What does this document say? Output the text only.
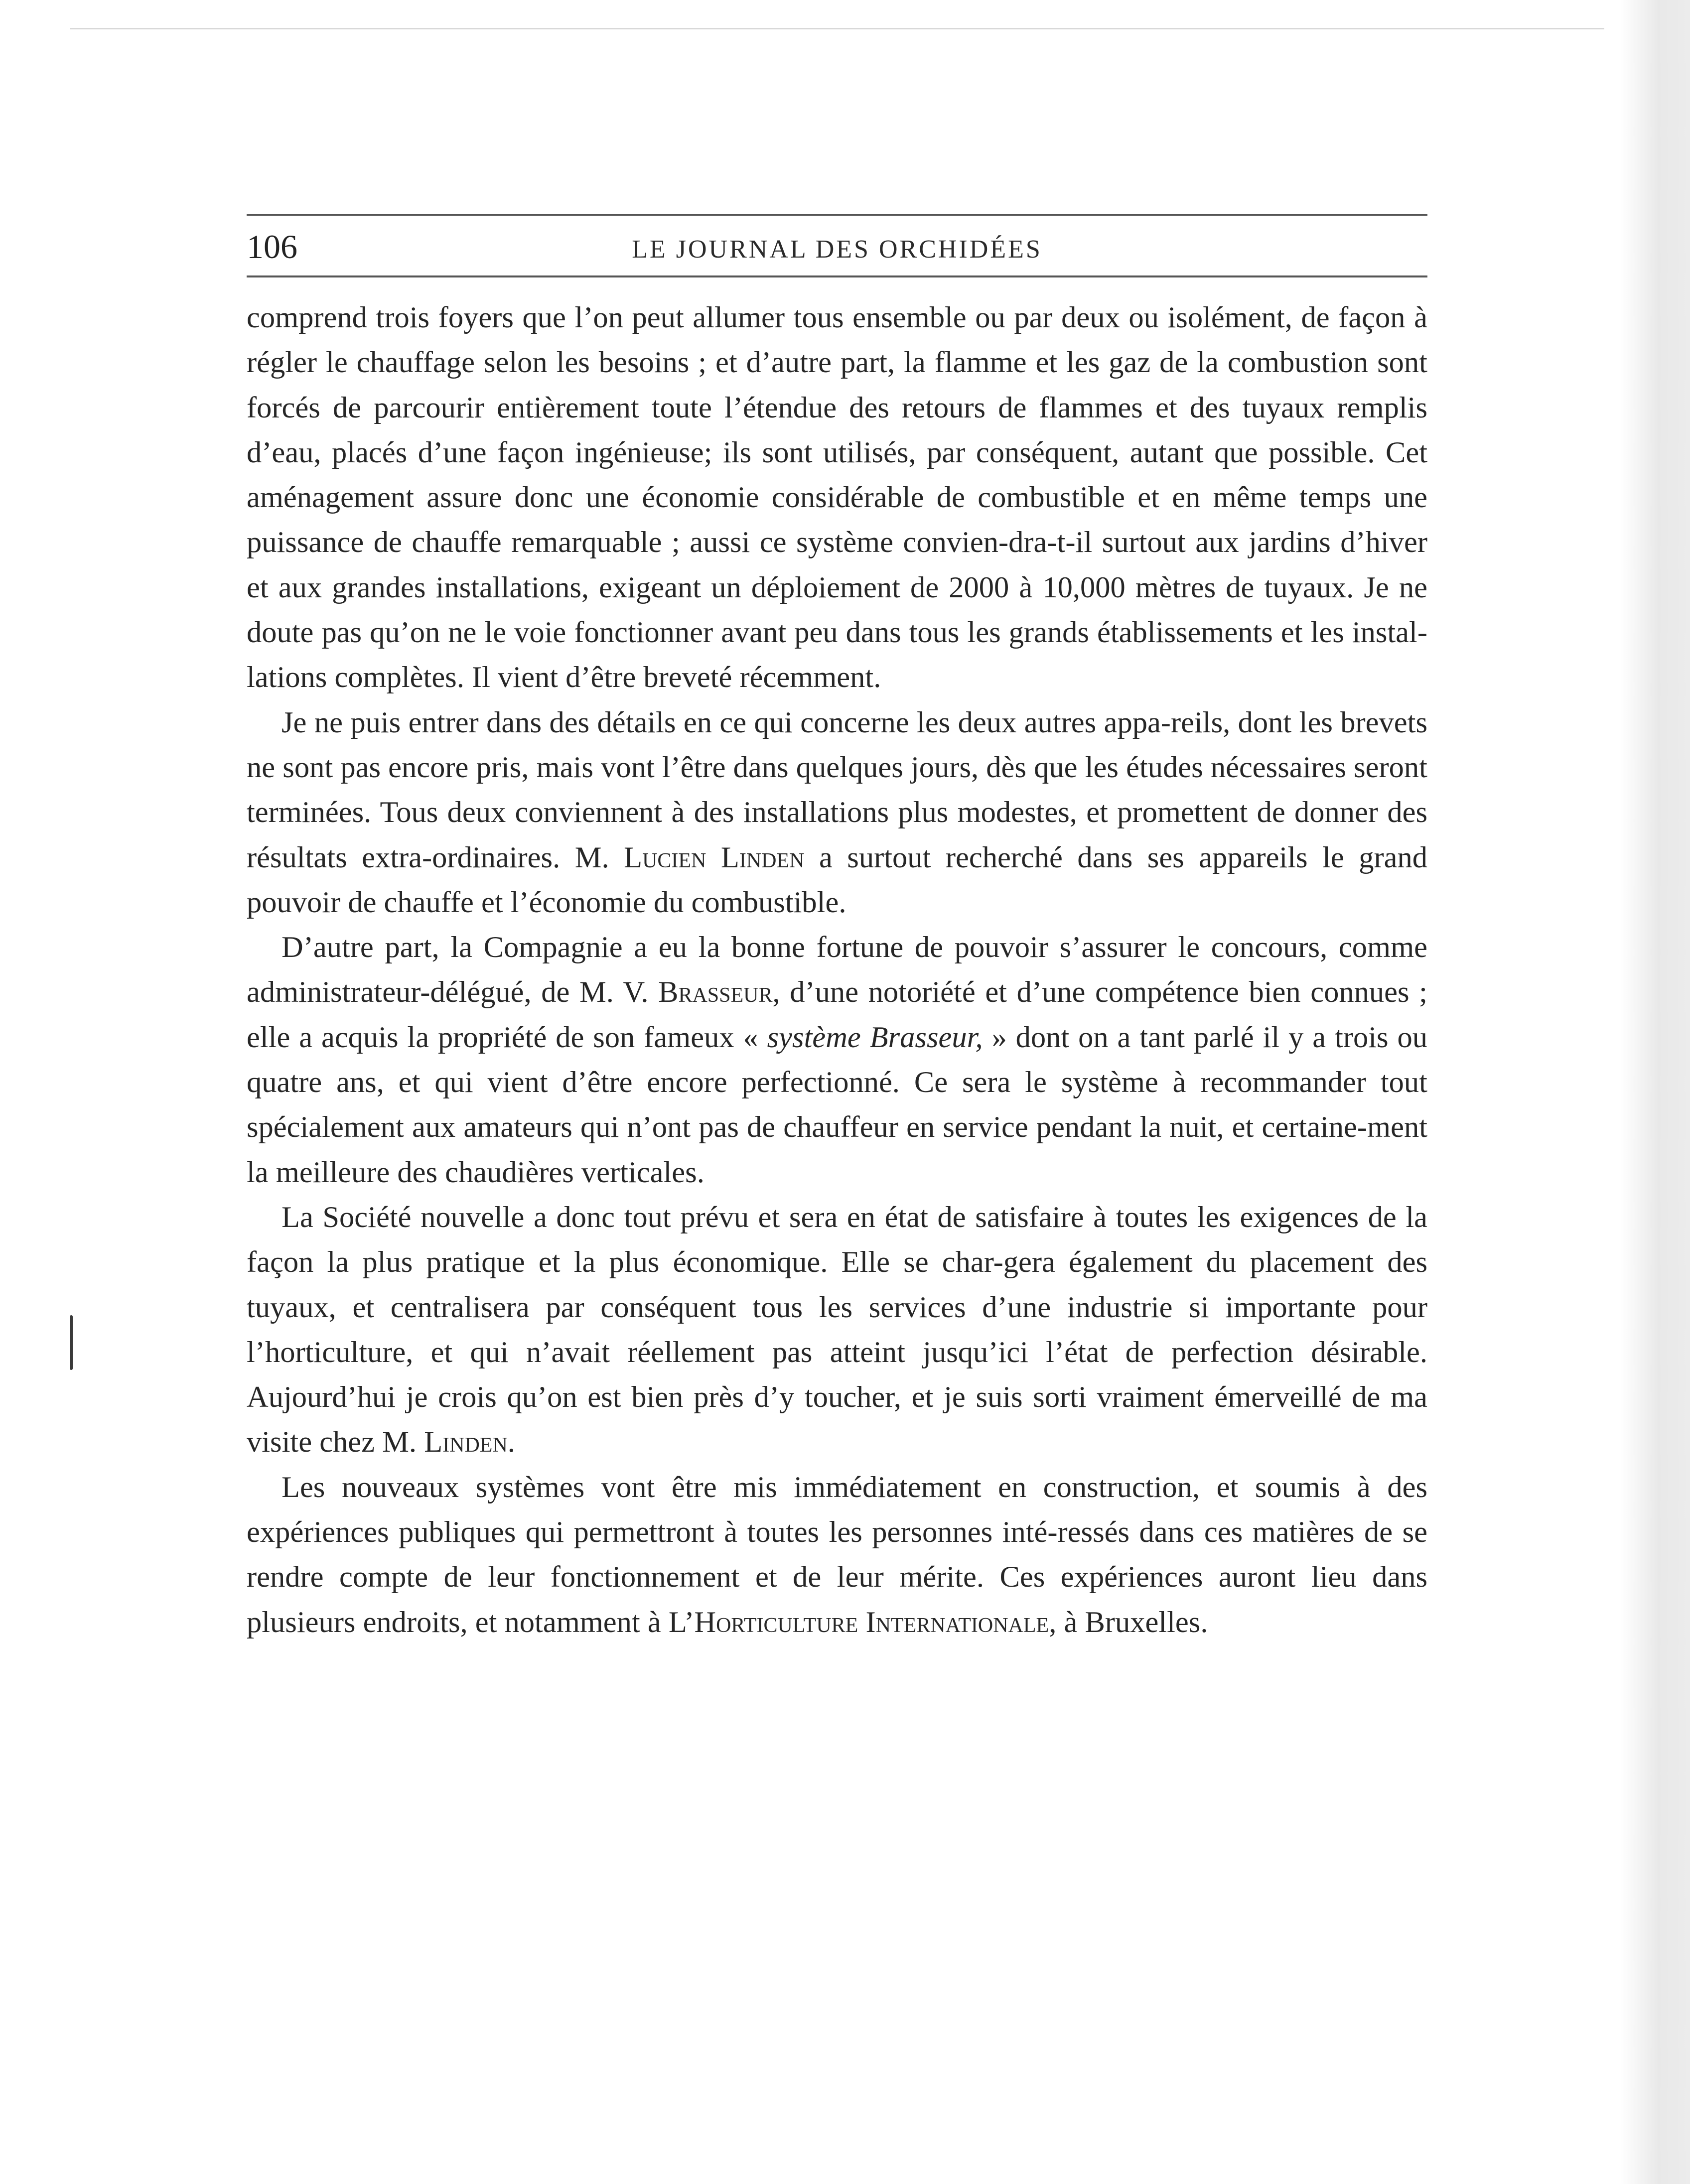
106	LE JOURNAL DES ORCHIDÉES

comprend trois foyers que l’on peut allumer tous ensemble ou par deux ou isolément, de façon à régler le chauffage selon les besoins ; et d’autre part, la flamme et les gaz de la combustion sont forcés de parcourir entièrement toute l’étendue des retours de flammes et des tuyaux remplis d’eau, placés d’une façon ingénieuse; ils sont utilisés, par conséquent, autant que possible. Cet aménagement assure donc une économie considérable de combustible et en même temps une puissance de chauffe remarquable ; aussi ce système convien-dra-t-il surtout aux jardins d’hiver et aux grandes installations, exigeant un déploiement de 2000 à 10,000 mètres de tuyaux. Je ne doute pas qu’on ne le voie fonctionner avant peu dans tous les grands établissements et les instal-lations complètes. Il vient d’être breveté récemment.

Je ne puis entrer dans des détails en ce qui concerne les deux autres appa-reils, dont les brevets ne sont pas encore pris, mais vont l’être dans quelques jours, dès que les études nécessaires seront terminées. Tous deux conviennent à des installations plus modestes, et promettent de donner des résultats extra-ordinaires. M. Lucien Linden a surtout recherché dans ses appareils le grand pouvoir de chauffe et l’économie du combustible.

D’autre part, la Compagnie a eu la bonne fortune de pouvoir s’assurer le concours, comme administrateur-délégué, de M. V. Brasseur, d’une notoriété et d’une compétence bien connues ; elle a acquis la propriété de son fameux « système Brasseur, » dont on a tant parlé il y a trois ou quatre ans, et qui vient d’être encore perfectionné. Ce sera le système à recommander tout spécialement aux amateurs qui n’ont pas de chauffeur en service pendant la nuit, et certaine-ment la meilleure des chaudières verticales.

La Société nouvelle a donc tout prévu et sera en état de satisfaire à toutes les exigences de la façon la plus pratique et la plus économique. Elle se char-gera également du placement des tuyaux, et centralisera par conséquent tous les services d’une industrie si importante pour l’horticulture, et qui n’avait réellement pas atteint jusqu’ici l’état de perfection désirable. Aujourd’hui je crois qu’on est bien près d’y toucher, et je suis sorti vraiment émerveillé de ma visite chez M. Linden.

Les nouveaux systèmes vont être mis immédiatement en construction, et soumis à des expériences publiques qui permettront à toutes les personnes inté-ressés dans ces matières de se rendre compte de leur fonctionnement et de leur mérite. Ces expériences auront lieu dans plusieurs endroits, et notamment à L’Horticulture Internationale, à Bruxelles.
